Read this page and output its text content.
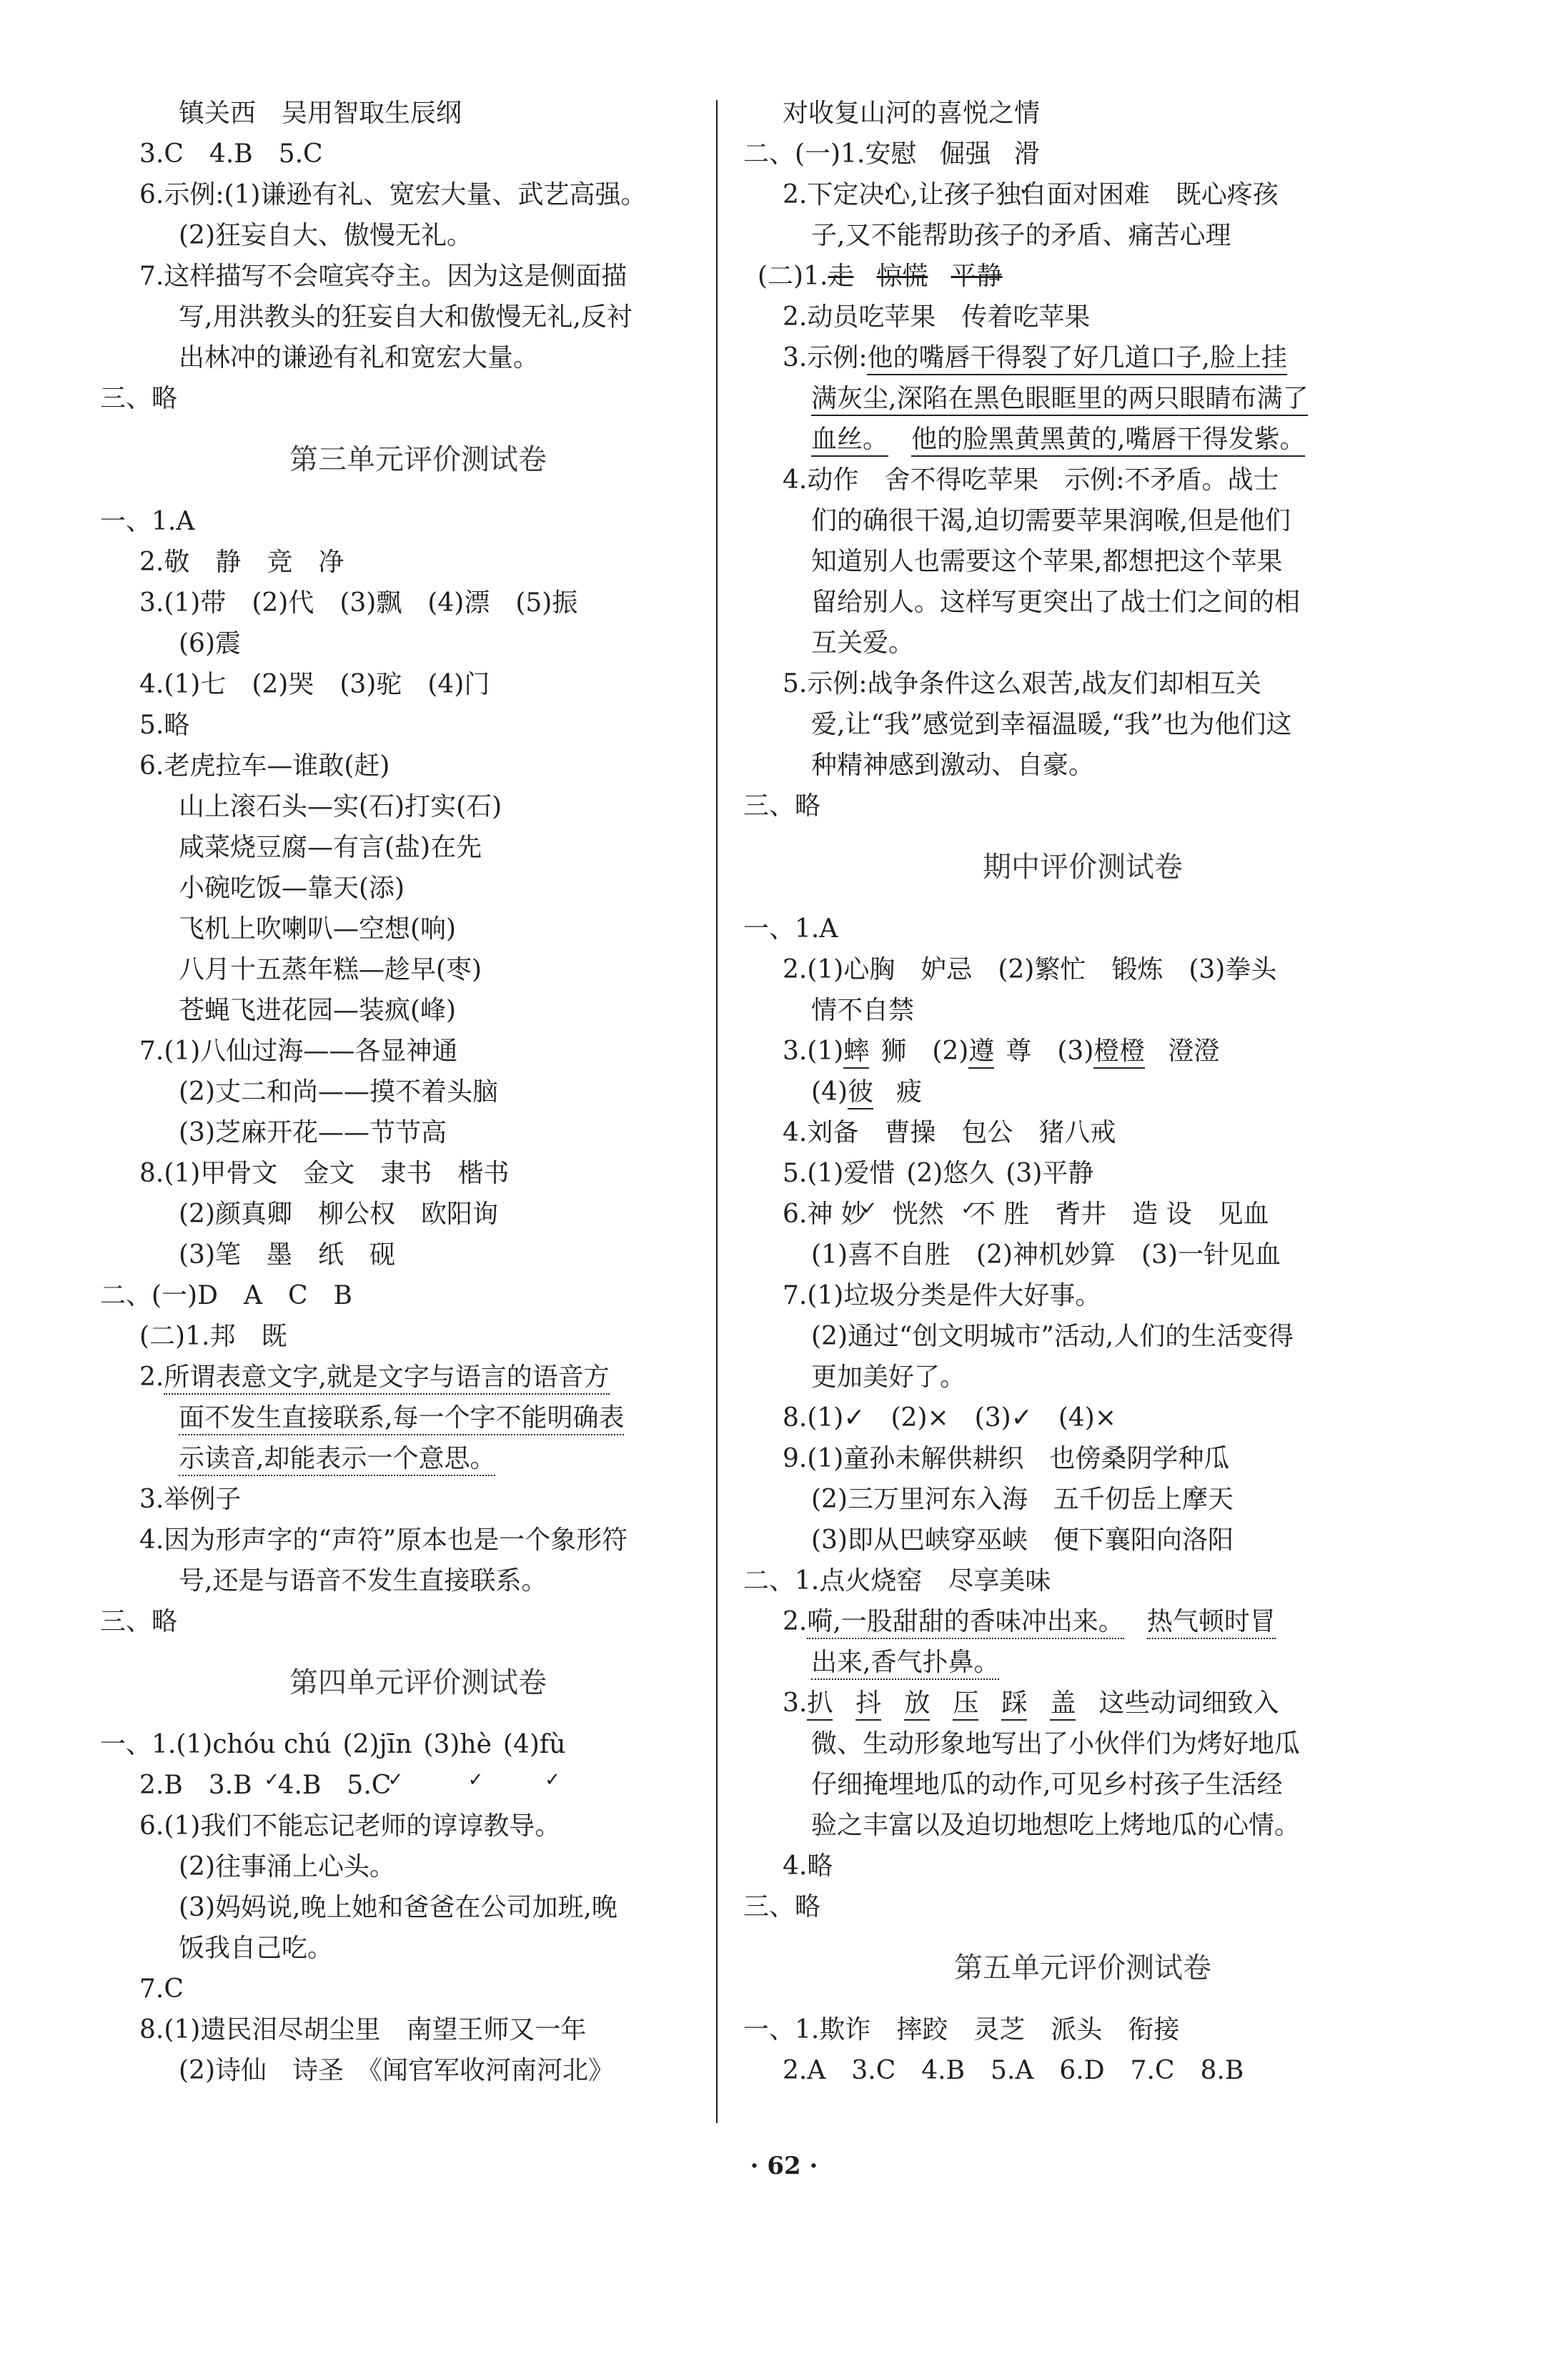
镇关西　吴用智取生辰纲
3.C　4.B　5.C
6.示例:(1)谦逊有礼、宽宏大量、武艺高强。
(2)狂妄自大、傲慢无礼。
7.这样描写不会喧宾夺主。因为这是侧面描
写,用洪教头的狂妄自大和傲慢无礼,反衬
出林冲的谦逊有礼和宽宏大量。
三、略
第三单元评价测试卷
一、1.A
2.敬　静　竞　净
3.(1)带　(2)代　(3)飘　(4)漂　(5)振
(6)震
4.(1)七　(2)哭　(3)驼　(4)门
5.略
6.老虎拉车—谁敢(赶)
山上滚石头—实(石)打实(石)
咸菜烧豆腐—有言(盐)在先
小碗吃饭—靠天(添)
飞机上吹喇叭—空想(响)
八月十五蒸年糕—趁早(枣)
苍蝇飞进花园—装疯(峰)
7.(1)八仙过海——各显神通
(2)丈二和尚——摸不着头脑
(3)芝麻开花——节节高
8.(1)甲骨文　金文　隶书　楷书
(2)颜真卿　柳公权　欧阳询
(3)笔　墨　纸　砚
二、(一)D　A　C　B
(二)1.邦　既
2.所谓表意文字,就是文字与语言的语音方
面不发生直接联系,每一个字不能明确表
示读音,却能表示一个意思。
3.举例子
4.因为形声字的“声符”原本也是一个象形符
号,还是与语音不发生直接联系。
三、略
第四单元评价测试卷
一、1.(1)chóu chú ✓ (2)jīn ✓ (3)hè ✓ (4)fù ✓
2.B　3.B　4.B　5.C
6.(1)我们不能忘记老师的谆谆教导。
(2)往事涌上心头。
(3)妈妈说,晚上她和爸爸在公司加班,晚
饭我自己吃。
7.C
8.(1)遗民泪尽胡尘里　南望王师又一年
(2)诗仙　诗圣　《闻官军收河南河北》
对收复山河的喜悦之情
二、(一)1.安慰 ✓ 倔强 ✓ 滑 ✓
2.下定决心,让孩子独自面对困难　既心疼孩
子,又不能帮助孩子的矛盾、痛苦心理
(二)1.走 惊慌 平静
2.动员吃苹果　传着吃苹果
3.示例:他的嘴唇干得裂了好几道口子,脸上挂
满灰尘,深陷在黑色眼眶里的两只眼睛布满了
血丝。 他的脸黑黄黑黄的,嘴唇干得发紫。
4.动作　舍不得吃苹果　示例:不矛盾。战士
们的确很干渴,迫切需要苹果润喉,但是他们
知道别人也需要这个苹果,都想把这个苹果
留给别人。这样写更突出了战士们之间的相
互关爱。
5.示例:战争条件这么艰苦,战友们却相互关
爱,让“我”感觉到幸福温暖,“我”也为他们这
种精神感到激动、自豪。
三、略
期中评价测试卷
一、1.A
2.(1)心胸　妒忌　(2)繁忙　锻炼　(3)拳头
情不自禁
3.(1)蟀 狮　(2)遵 尊　(3)橙橙 澄澄
(4)彼 疲
4.刘备　曹操　包公　猪八戒
5.(1)爱惜 ✓ (2)悠久 ✓ (3)平静 ✓
6.神 妙　恍然　不 胜　背井　造 设　见血
(1)喜不自胜　(2)神机妙算　(3)一针见血
7.(1)垃圾分类是件大好事。
(2)通过“创文明城市”活动,人们的生活变得
更加美好了。
8.(1)✓　(2)×　(3)✓　(4)×
9.(1)童孙未解供耕织　也傍桑阴学种瓜
(2)三万里河东入海　五千仞岳上摩天
(3)即从巴峡穿巫峡　便下襄阳向洛阳
二、1.点火烧窑　尽享美味
2.嗬,一股甜甜的香味冲出来。 热气顿时冒
出来,香气扑鼻。
3.扒 抖 放 压 踩 盖 这些动词细致入
微、生动形象地写出了小伙伴们为烤好地瓜
仔细掩埋地瓜的动作,可见乡村孩子生活经
验之丰富以及迫切地想吃上烤地瓜的心情。
4.略
三、略
第五单元评价测试卷
一、1.欺诈　摔跤　灵芝　派头　衔接
2.A　3.C　4.B　5.A　6.D　7.C　8.B
· 62 ·
